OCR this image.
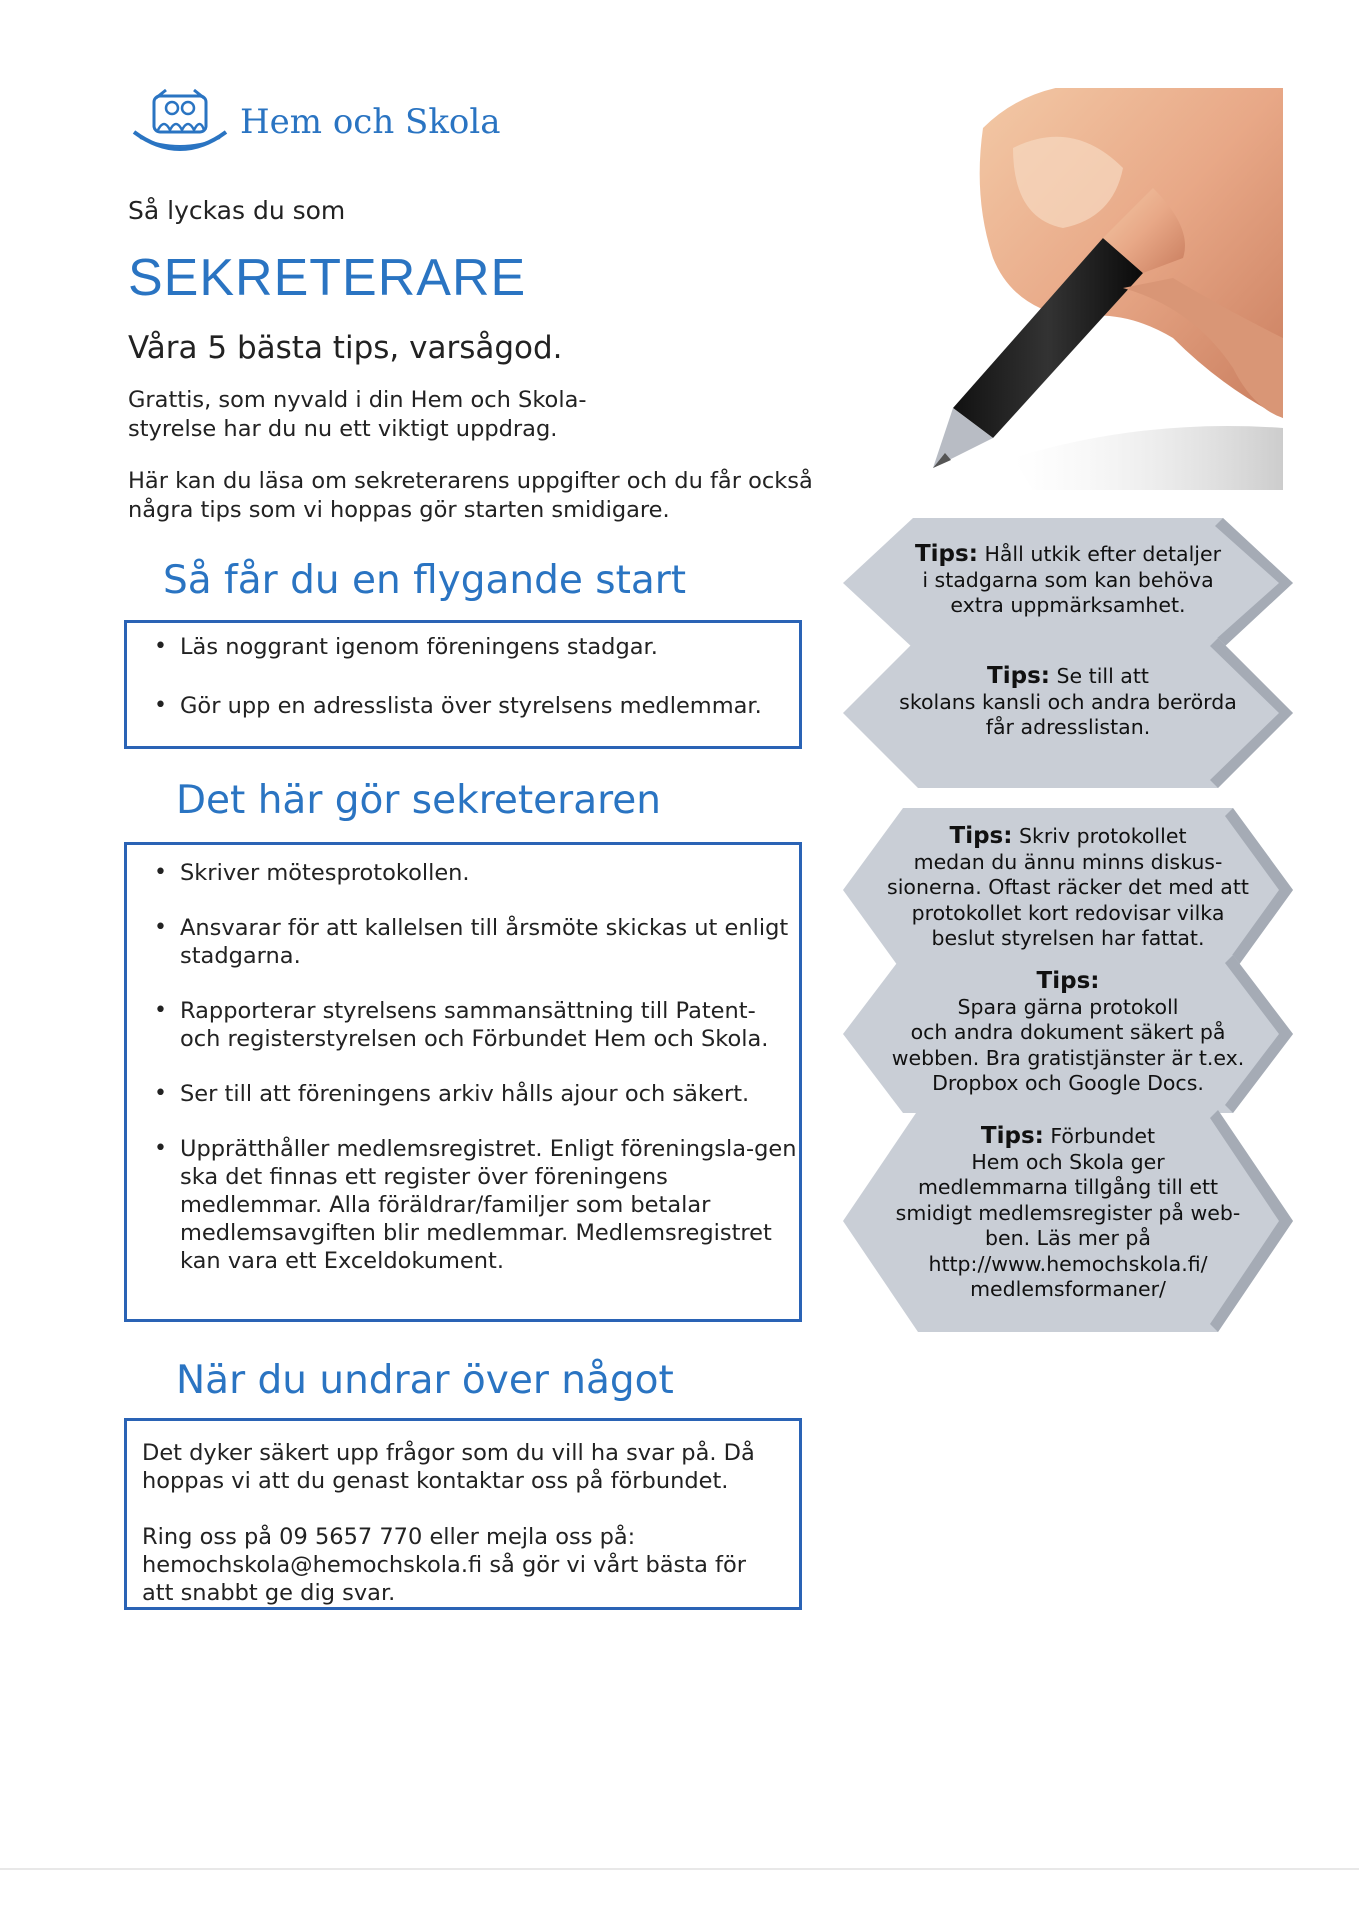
Hem och Skola
Så lyckas du som
SEKRETERARE
Våra 5 bästa tips, varsågod.
Grattis, som nyvald i din Hem och Skola-styrelse har du nu ett viktigt uppdrag.
Här kan du läsa om sekreterarens uppgifter och du får också några tips som vi hoppas gör starten smidigare.
Så får du en flygande start
• Läs noggrant igenom föreningens stadgar.
• Gör upp en adresslista över styrelsens medlemmar.
Det här gör sekreteraren
• Skriver mötesprotokollen.
• Ansvarar för att kallelsen till årsmöte skickas ut enligt stadgarna.
• Rapporterar styrelsens sammansättning till Patent- och registerstyrelsen och Förbundet Hem och Skola.
• Ser till att föreningens arkiv hålls ajour och säkert.
• Upprätthåller medlemsregistret. Enligt föreningsla-gen ska det finnas ett register över föreningens medlemmar. Alla föräldrar/familjer som betalar medlemsavgiften blir medlemmar. Medlemsregistret kan vara ett Exceldokument.
När du undrar över något

Det dyker säkert upp frågor som du vill ha svar på. Då hoppas vi att du genast kontaktar oss på förbundet.

Ring oss på 09 5657 770 eller mejla oss på: hemochskola@hemochskola.fi så gör vi vårt bästa för att snabbt ge dig svar.

Tips: Håll utkik efter detaljer
i stadgarna som kan behöva
extra uppmärksamhet.
Tips: Se till att
skolans kansli och andra berörda
får adresslistan.
Tips: Skriv protokollet
medan du ännu minns diskus-
sionerna. Oftast räcker det med att
protokollet kort redovisar vilka
beslut styrelsen har fattat.
Tips:
Spara gärna protokoll
och andra dokument säkert på
webben. Bra gratistjänster är t.ex.
Dropbox och Google Docs.
Tips: Förbundet
Hem och Skola ger
medlemmarna tillgång till ett
smidigt medlemsregister på web-
ben. Läs mer på
http://www.hemochskola.fi/
medlemsformaner/
